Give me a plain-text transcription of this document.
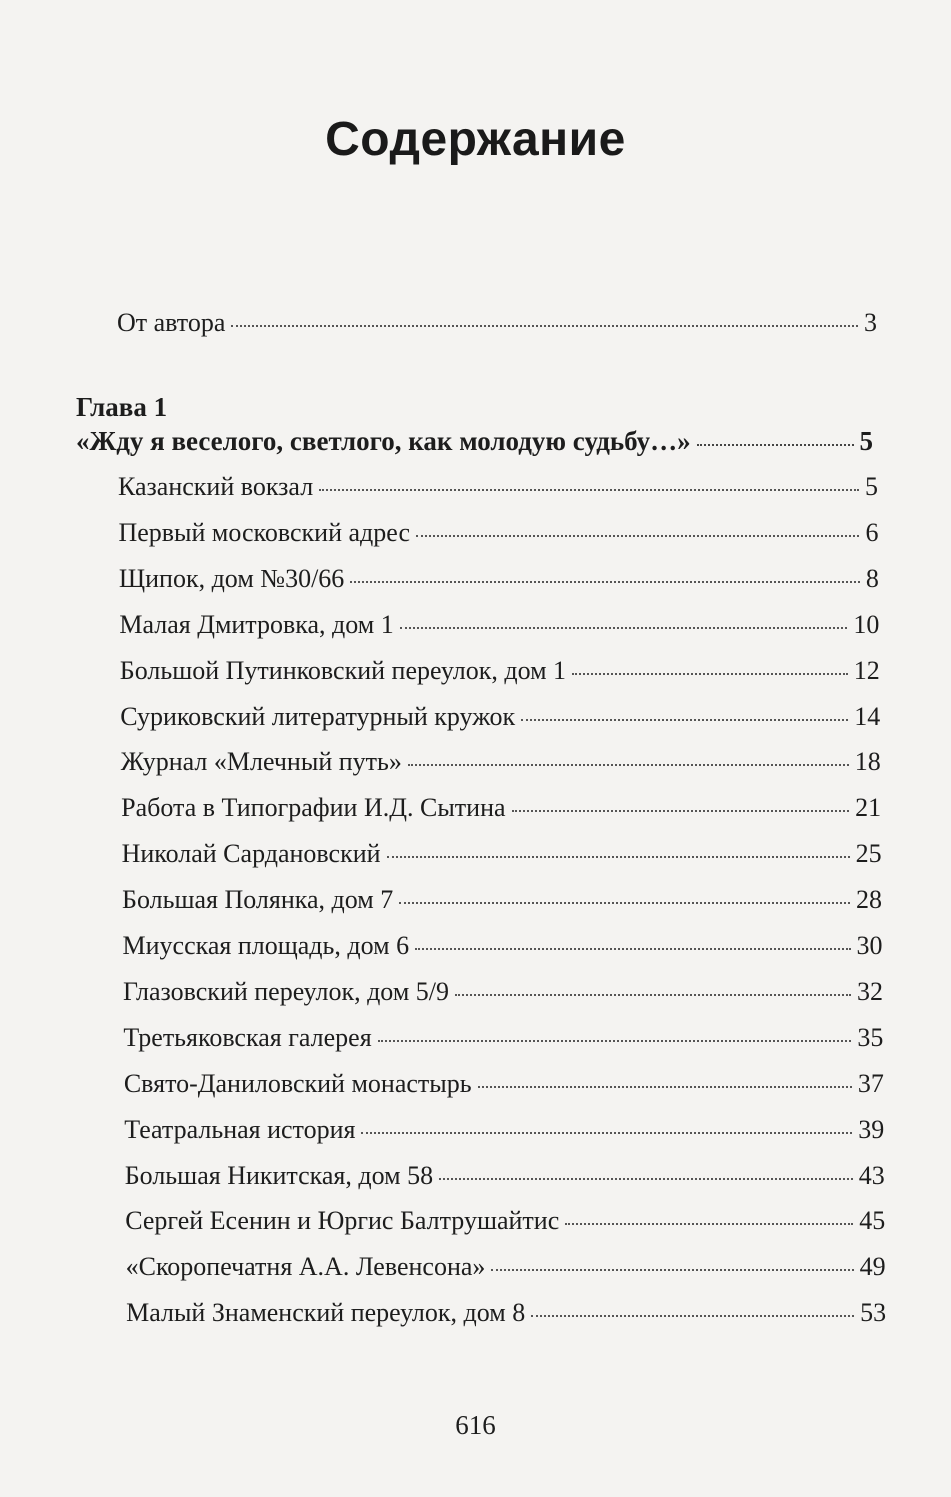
Содержание
От автора	3
Глава 1
«Жду я веселого, светлого, как молодую судьбу…»	5
Казанский вокзал	5
Первый московский адрес	6
Щипок, дом №30/66	8
Малая Дмитровка, дом 1	10
Большой Путинковский переулок, дом 1	12
Суриковский литературный кружок	14
Журнал «Млечный путь»	18
Работа в Типографии И.Д. Сытина	21
Николай Сардановский	25
Большая Полянка, дом 7	28
Миусская площадь, дом 6	30
Глазовский переулок, дом 5/9	32
Третьяковская галерея	35
Свято-Даниловский монастырь	37
Театральная история	39
Большая Никитская, дом 58	43
Сергей Есенин и Юргис Балтрушайтис	45
«Скоропечатня А.А. Левенсона»	49
Малый Знаменский переулок, дом 8	53
616
